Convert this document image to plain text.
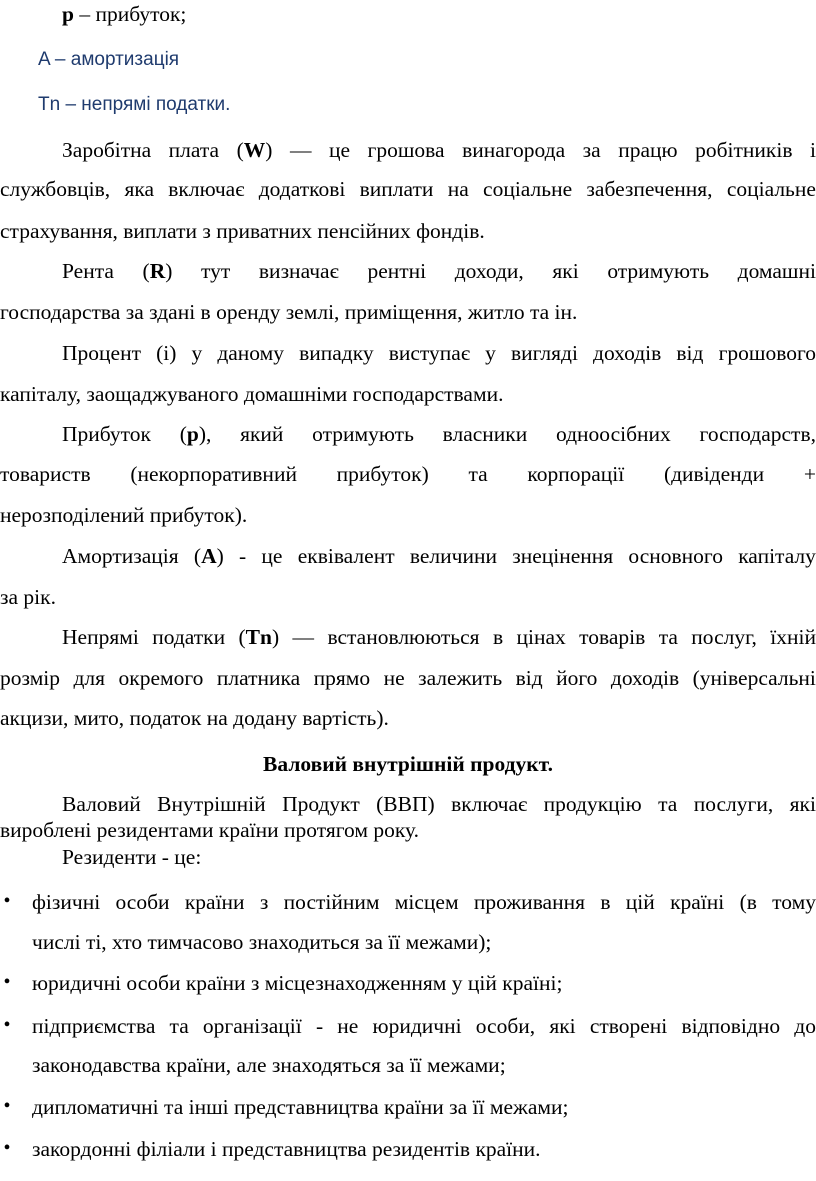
p – прибуток;
A – амортизація
Tn – непрямі податки.
Заробітна плата (W) — це грошова винагорода за працю робітників і
службовців, яка включає додаткові виплати на соціальне забезпечення, соціальне
страхування, виплати з приватних пенсійних фондів.
Рента (R) тут визначає рентні доходи, які отримують домашні
господарства за здані в оренду землі, приміщення, житло та ін.
Процент (і) у даному випадку виступає у вигляді доходів від грошового
капіталу, заощаджуваного домашніми господарствами.
Прибуток (р), який отримують власники одноосібних господарств,
товариств (некорпоративний прибуток) та корпорації (дивіденди +
нерозподілений прибуток).
Амортизація (А) - це еквівалент величини знецінення основного капіталу
за рік.
Непрямі податки (Тn) — встановлюються в цінах товарів та послуг, їхній
розмір для окремого платника прямо не залежить від його доходів (універсальні
акцизи, мито, податок на додану вартість).
Валовий внутрішній продукт.
Валовий Внутрішній Продукт (ВВП) включає продукцію та послуги, які
вироблені резидентами країни протягом року.
Резиденти - це:
• фізичні особи країни з постійним місцем проживання в цій країні (в тому
числі ті, хто тимчасово знаходиться за її межами);
• юридичні особи країни з місцезнаходженням у цій країні;
• підприємства та організації - не юридичні особи, які створені відповідно до
законодавства країни, але знаходяться за її межами;
• дипломатичні та інші представництва країни за її межами;
• закордонні філіали і представництва резидентів країни.
